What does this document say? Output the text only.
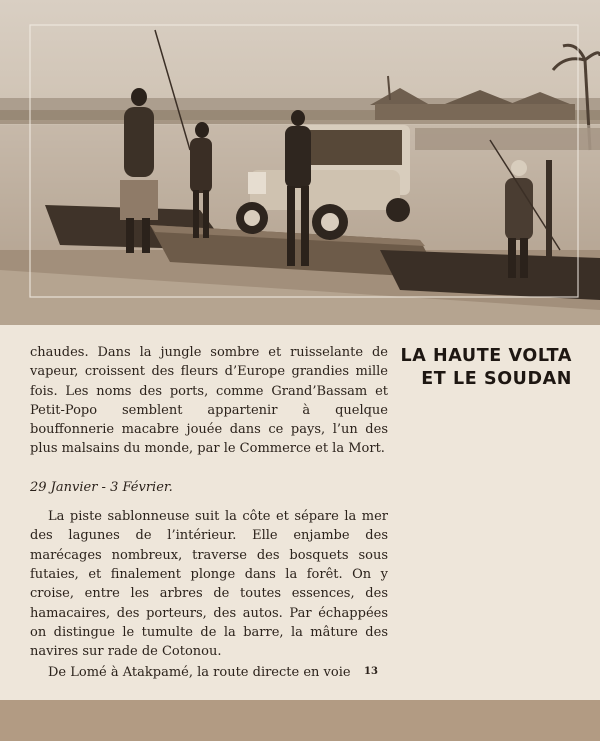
LA HAUTE VOLTA
ET LE SOUDAN

chaudes. Dans la jungle sombre et ruisselante de vapeur, croissent des fleurs d’Europe grandies mille fois. Les noms des ports, comme Grand’Bassam et Petit-Popo semblent appartenir à quelque bouffonnerie macabre jouée dans ce pays, l’un des plus malsains du monde, par le Commerce et la Mort.

29 Janvier - 3 Février.

La piste sablonneuse suit la côte et sépare la mer des lagunes de l’intérieur. Elle enjambe des marécages nombreux, traverse des bosquets sous futaies, et finalement plonge dans la forêt. On y croise, entre les arbres de toutes essences, des hamacaires, des porteurs, des autos. Par échappées on distingue le tumulte de la barre, la mâture des navires sur rade de Cotonou.

De Lomé à Atakpamé, la route directe en voie	13
